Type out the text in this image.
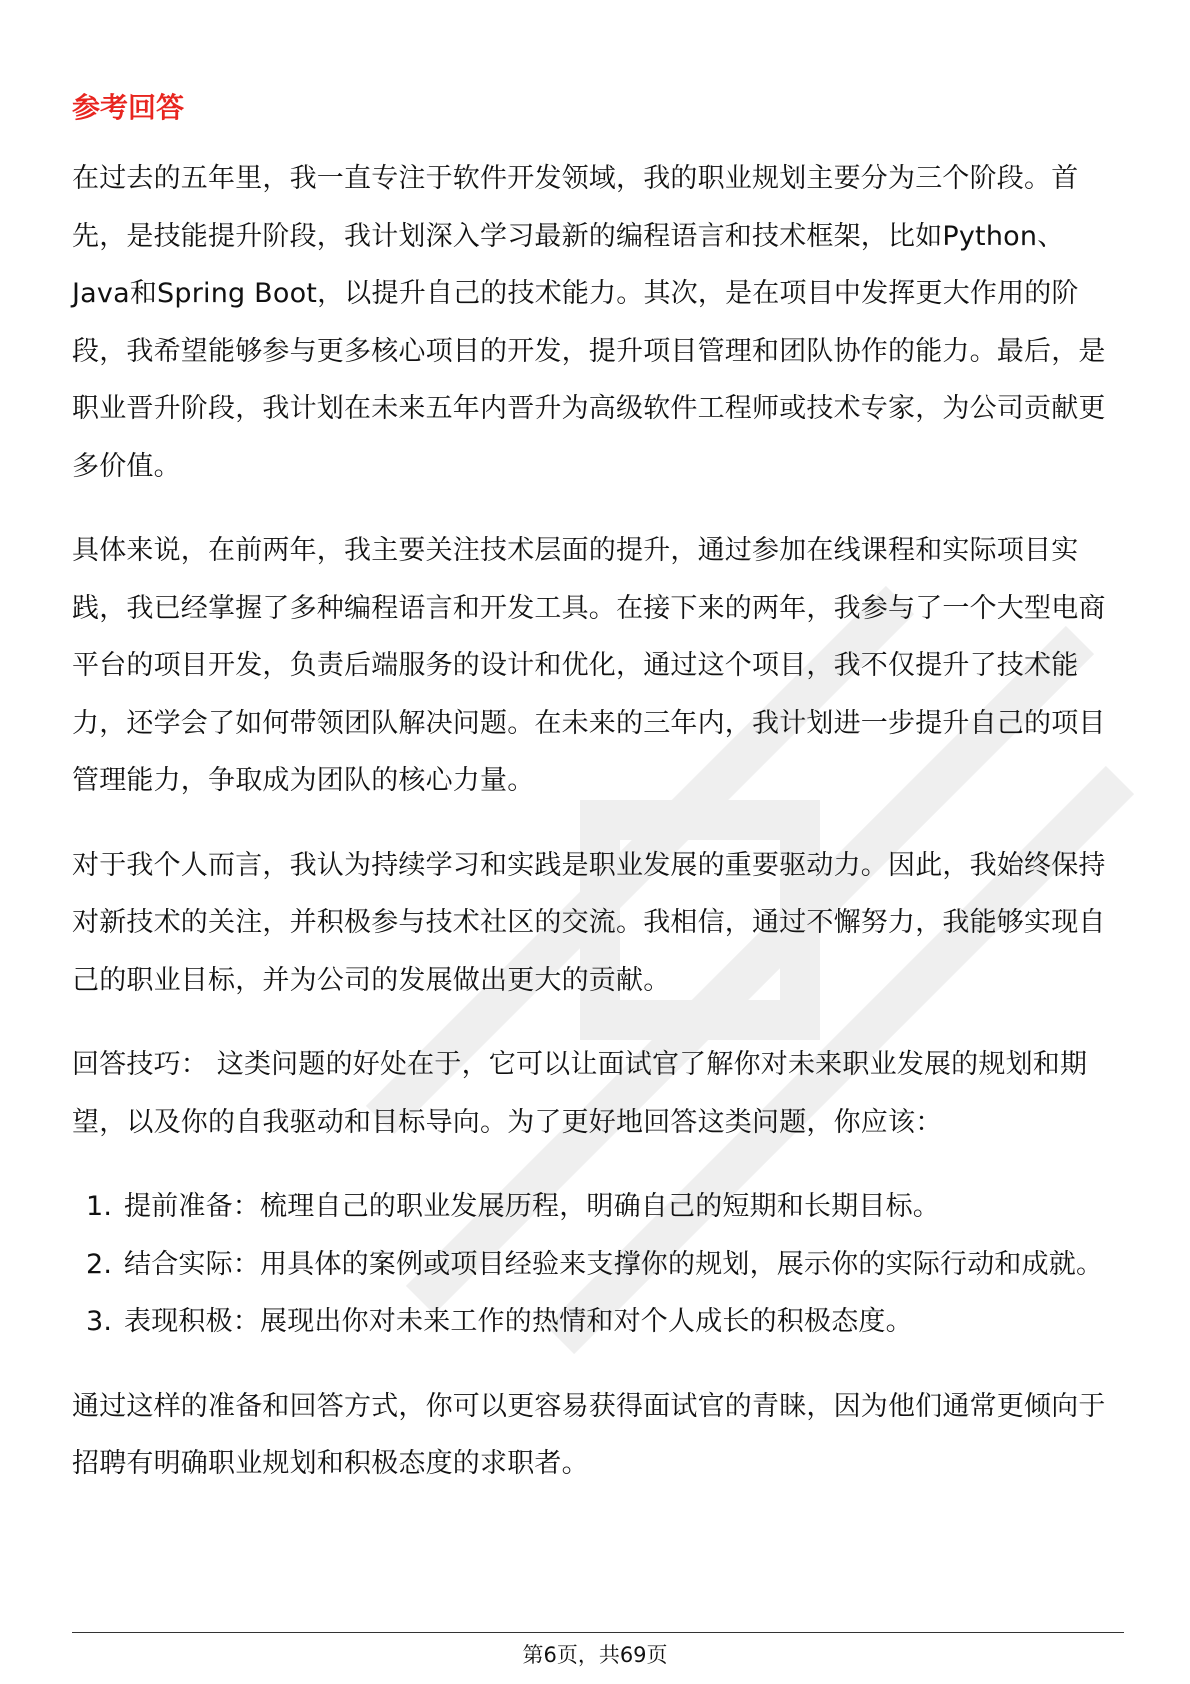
参考回答

在过去的五年里，我一直专注于软件开发领域，我的职业规划主要分为三个阶段。首先，是技能提升阶段，我计划深入学习最新的编程语言和技术框架，比如Python、Java和Spring Boot，以提升自己的技术能力。其次，是在项目中发挥更大作用的阶段，我希望能够参与更多核心项目的开发，提升项目管理和团队协作的能力。最后，是职业晋升阶段，我计划在未来五年内晋升为高级软件工程师或技术专家，为公司贡献更多价值。

具体来说，在前两年，我主要关注技术层面的提升，通过参加在线课程和实际项目实践，我已经掌握了多种编程语言和开发工具。在接下来的两年，我参与了一个大型电商平台的项目开发，负责后端服务的设计和优化，通过这个项目，我不仅提升了技术能力，还学会了如何带领团队解决问题。在未来的三年内，我计划进一步提升自己的项目管理能力，争取成为团队的核心力量。

对于我个人而言，我认为持续学习和实践是职业发展的重要驱动力。因此，我始终保持对新技术的关注，并积极参与技术社区的交流。我相信，通过不懈努力，我能够实现自己的职业目标，并为公司的发展做出更大的贡献。

回答技巧： 这类问题的好处在于，它可以让面试官了解你对未来职业发展的规划和期望，以及你的自我驱动和目标导向。为了更好地回答这类问题，你应该：

1. 提前准备：梳理自己的职业发展历程，明确自己的短期和长期目标。
2. 结合实际：用具体的案例或项目经验来支撑你的规划，展示你的实际行动和成就。
3. 表现积极：展现出你对未来工作的热情和对个人成长的积极态度。

通过这样的准备和回答方式，你可以更容易获得面试官的青睐，因为他们通常更倾向于招聘有明确职业规划和积极态度的求职者。

第6页，共69页
